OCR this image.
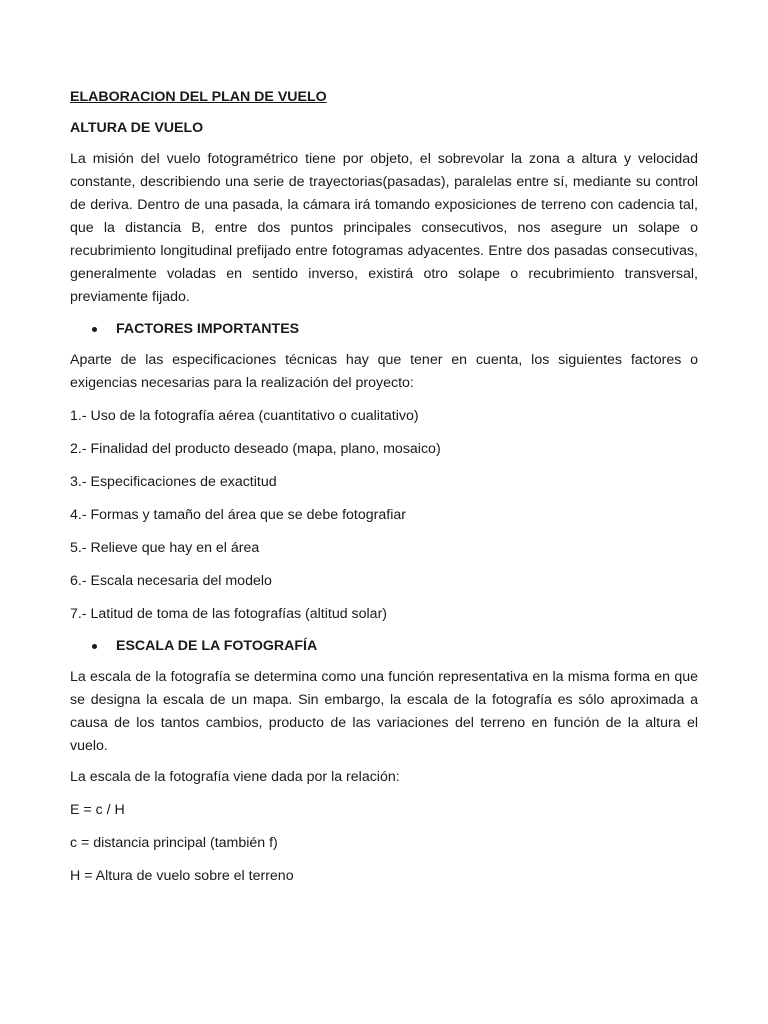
ELABORACION DEL PLAN DE VUELO

ALTURA DE VUELO

La misión del vuelo fotogramétrico tiene por objeto, el sobrevolar la zona a altura y velocidad constante, describiendo una serie de trayectorias(pasadas), paralelas entre sí, mediante su control de deriva. Dentro de una pasada, la cámara irá tomando exposiciones de terreno con cadencia tal, que la distancia B, entre dos puntos principales consecutivos, nos asegure un solape o recubrimiento longitudinal prefijado entre fotogramas adyacentes. Entre dos pasadas consecutivas, generalmente voladas en sentido inverso, existirá otro solape o recubrimiento transversal, previamente fijado.

FACTORES IMPORTANTES

Aparte de las especificaciones técnicas hay que tener en cuenta, los siguientes factores o exigencias necesarias para la realización del proyecto:

1.- Uso de la fotografía aérea (cuantitativo o cualitativo)

2.- Finalidad del producto deseado (mapa, plano, mosaico)

3.- Especificaciones de exactitud

4.- Formas y tamaño del área que se debe fotografiar

5.- Relieve que hay en el área

6.- Escala necesaria del modelo

7.- Latitud de toma de las fotografías (altitud solar)

ESCALA DE LA FOTOGRAFÍA

La escala de la fotografía se determina como una función representativa en la misma forma en que se designa la escala de un mapa. Sin embargo, la escala de la fotografía es sólo aproximada a causa de los tantos cambios, producto de las variaciones del terreno en función de la altura el vuelo.

La escala de la fotografía viene dada por la relación:

E = c / H

c = distancia principal (también f)

H = Altura de vuelo sobre el terreno
